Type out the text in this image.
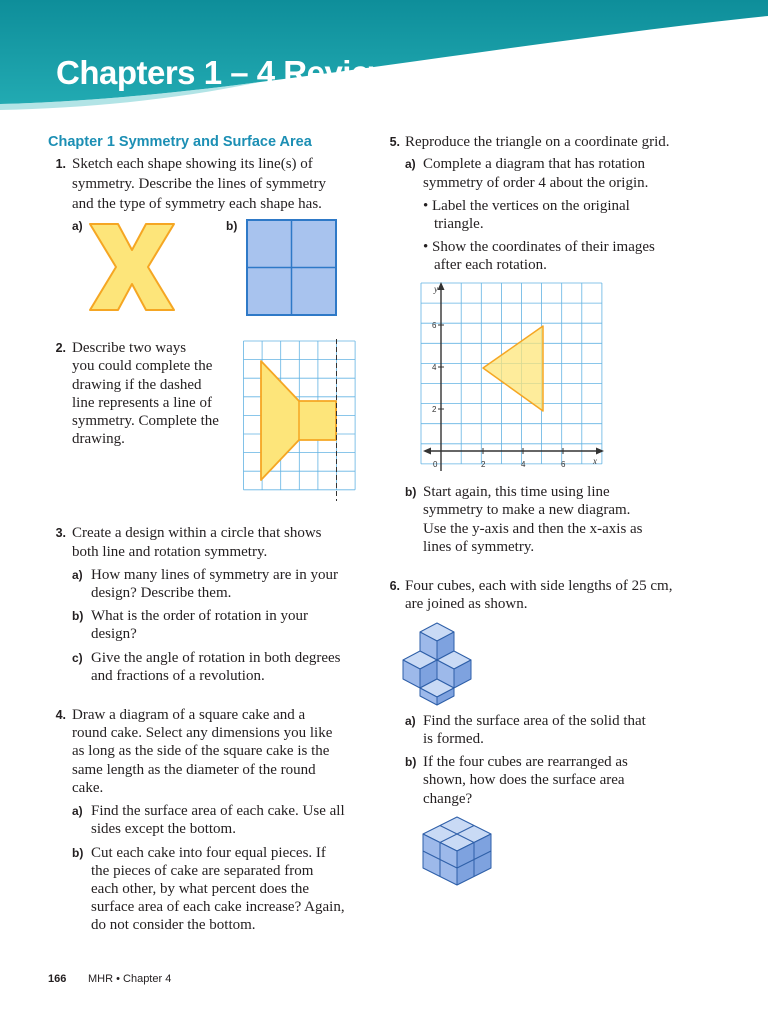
Chapters 1 – 4 Review
Chapter 1 Symmetry and Surface Area
1. Sketch each shape showing its line(s) of
symmetry. Describe the lines of symmetry
and the type of symmetry each shape has.
a)	b)
2. Describe two ways
you could complete the
drawing if the dashed
line represents a line of
symmetry. Complete the
drawing.
3. Create a design within a circle that shows
both line and rotation symmetry.
a) How many lines of symmetry are in your
design? Describe them.
b) What is the order of rotation in your
design?
c) Give the angle of rotation in both degrees
and fractions of a revolution.
4. Draw a diagram of a square cake and a
round cake. Select any dimensions you like
as long as the side of the square cake is the
same length as the diameter of the round
cake.
a) Find the surface area of each cake. Use all
sides except the bottom.
b) Cut each cake into four equal pieces. If
the pieces of cake are separated from
each other, by what percent does the
surface area of each cake increase? Again,
do not consider the bottom.
5. Reproduce the triangle on a coordinate grid.
a) Complete a diagram that has rotation
symmetry of order 4 about the origin.
• Label the vertices on the original
triangle.
• Show the coordinates of their images
after each rotation.
y
x
0	2	4	6
2
4
6
b) Start again, this time using line
symmetry to make a new diagram.
Use the y-axis and then the x-axis as
lines of symmetry.
6. Four cubes, each with side lengths of 25 cm,
are joined as shown.
a) Find the surface area of the solid that
is formed.
b) If the four cubes are rearranged as
shown, how does the surface area
change?
166 MHR • Chapter 4
